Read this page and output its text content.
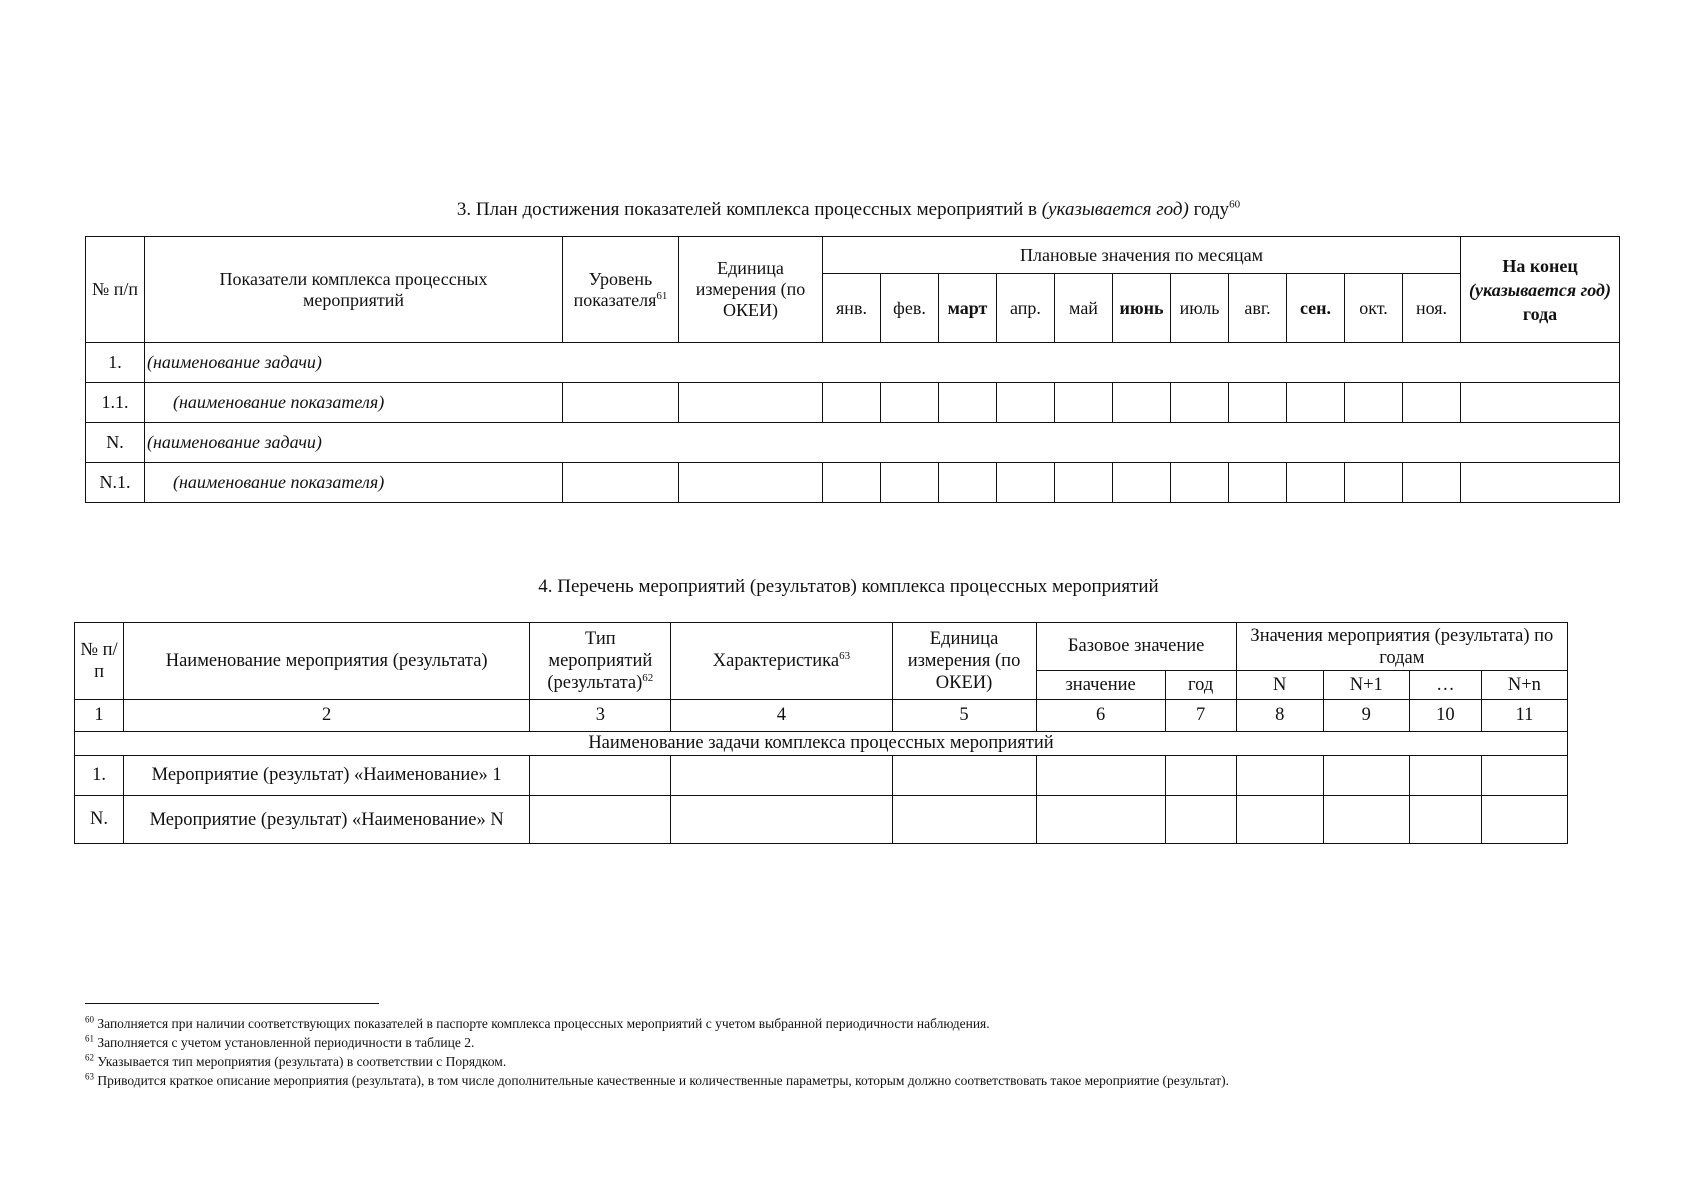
3. План достижения показателей комплекса процессных мероприятий в (указывается год) году$^{60}$
№ п/п	Показатели комплекса процессных мероприятий	Уровень показателя$^{61}$	Единица измерения (по ОКЕИ)	Плановые значения по месяцам											На конец (указывается год) года
				янв.	фев.	март	апр.	май	июнь	июль	авг.	сен.	окт.	ноя.	
1.	(наименование задачи)														
1.1.	(наименование показателя)														
N.	(наименование задачи)														
N.1.	(наименование показателя)														
4. Перечень мероприятий (результатов) комплекса процессных мероприятий
№ п/п	Наименование мероприятия (результата)	Тип мероприятий (результата)$^{62}$	Характеристика$^{63}$	Единица измерения (по ОКЕИ)	Базовое значение		Значения мероприятия (результата) по годам			
					значение	год	N	N+1	…	N+n
1	2	3	4	5	6	7	8	9	10	11
Наименование задачи комплекса процессных мероприятий										
1.	Мероприятие (результат) «Наименование» 1									
N.	Мероприятие (результат) «Наименование» N									
$^{60}$ Заполняется при наличии соответствующих показателей в паспорте комплекса процессных мероприятий с учетом выбранной периодичности наблюдения.
$^{61}$ Заполняется с учетом установленной периодичности в таблице 2.
$^{62}$ Указывается тип мероприятия (результата) в соответствии с Порядком.
$^{63}$ Приводится краткое описание мероприятия (результата), в том числе дополнительные качественные и количественные параметры, которым должно соответствовать такое мероприятие (результат).
